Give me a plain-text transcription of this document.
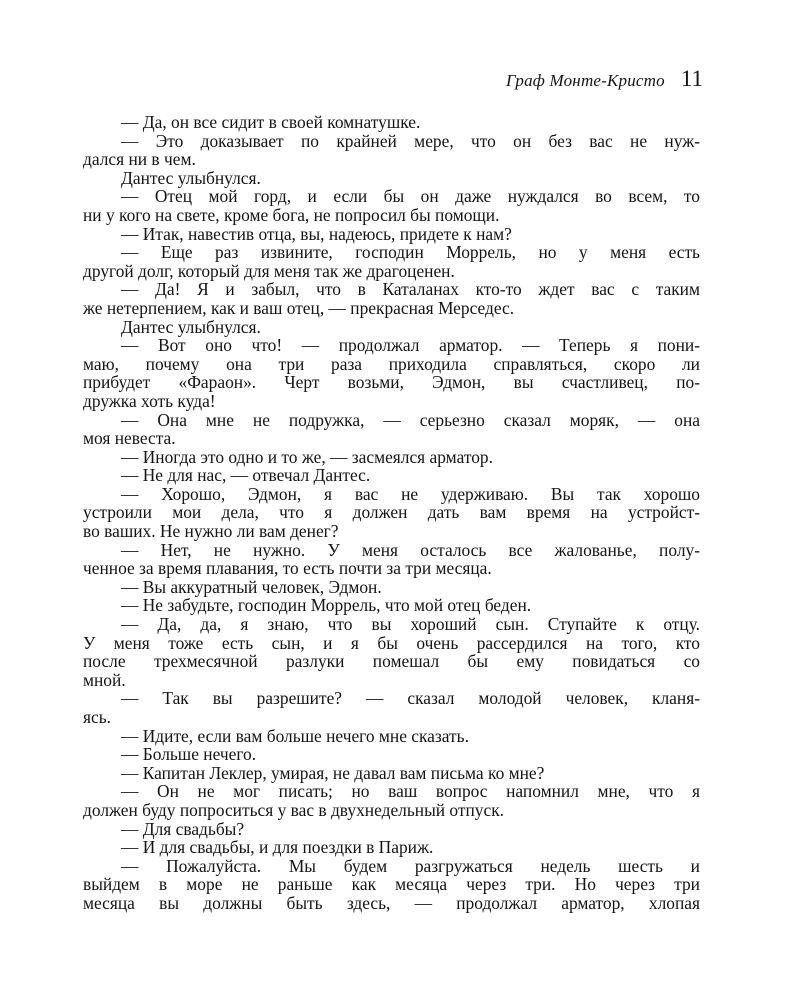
Граф Монте-Кристо 11
— Да, он все сидит в своей комнатушке.
— Это доказывает по крайней мере, что он без вас не нуж-
дался ни в чем.
Дантес улыбнулся.
— Отец мой горд, и если бы он даже нуждался во всем, то
ни у кого на свете, кроме бога, не попросил бы помощи.
— Итак, навестив отца, вы, надеюсь, придете к нам?
— Еще раз извините, господин Моррель, но у меня есть
другой долг, который для меня так же драгоценен.
— Да! Я и забыл, что в Каталанах кто-то ждет вас с таким
же нетерпением, как и ваш отец, — прекрасная Мерседес.
Дантес улыбнулся.
— Вот оно что! — продолжал арматор. — Теперь я пони-
маю, почему она три раза приходила справляться, скоро ли
прибудет «Фараон». Черт возьми, Эдмон, вы счастливец, по-
дружка хоть куда!
— Она мне не подружка, — серьезно сказал моряк, — она
моя невеста.
— Иногда это одно и то же, — засмеялся арматор.
— Не для нас, — отвечал Дантес.
— Хорошо, Эдмон, я вас не удерживаю. Вы так хорошо
устроили мои дела, что я должен дать вам время на устройст-
во ваших. Не нужно ли вам денег?
— Нет, не нужно. У меня осталось все жалованье, полу-
ченное за время плавания, то есть почти за три месяца.
— Вы аккуратный человек, Эдмон.
— Не забудьте, господин Моррель, что мой отец беден.
— Да, да, я знаю, что вы хороший сын. Ступайте к отцу.
У меня тоже есть сын, и я бы очень рассердился на того, кто
после трехмесячной разлуки помешал бы ему повидаться со
мной.
— Так вы разрешите? — сказал молодой человек, кланя-
ясь.
— Идите, если вам больше нечего мне сказать.
— Больше нечего.
— Капитан Леклер, умирая, не давал вам письма ко мне?
— Он не мог писать; но ваш вопрос напомнил мне, что я
должен буду попроситься у вас в двухнедельный отпуск.
— Для свадьбы?
— И для свадьбы, и для поездки в Париж.
— Пожалуйста. Мы будем разгружаться недель шесть и
выйдем в море не раньше как месяца через три. Но через три
месяца вы должны быть здесь, — продолжал арматор, хлопая
